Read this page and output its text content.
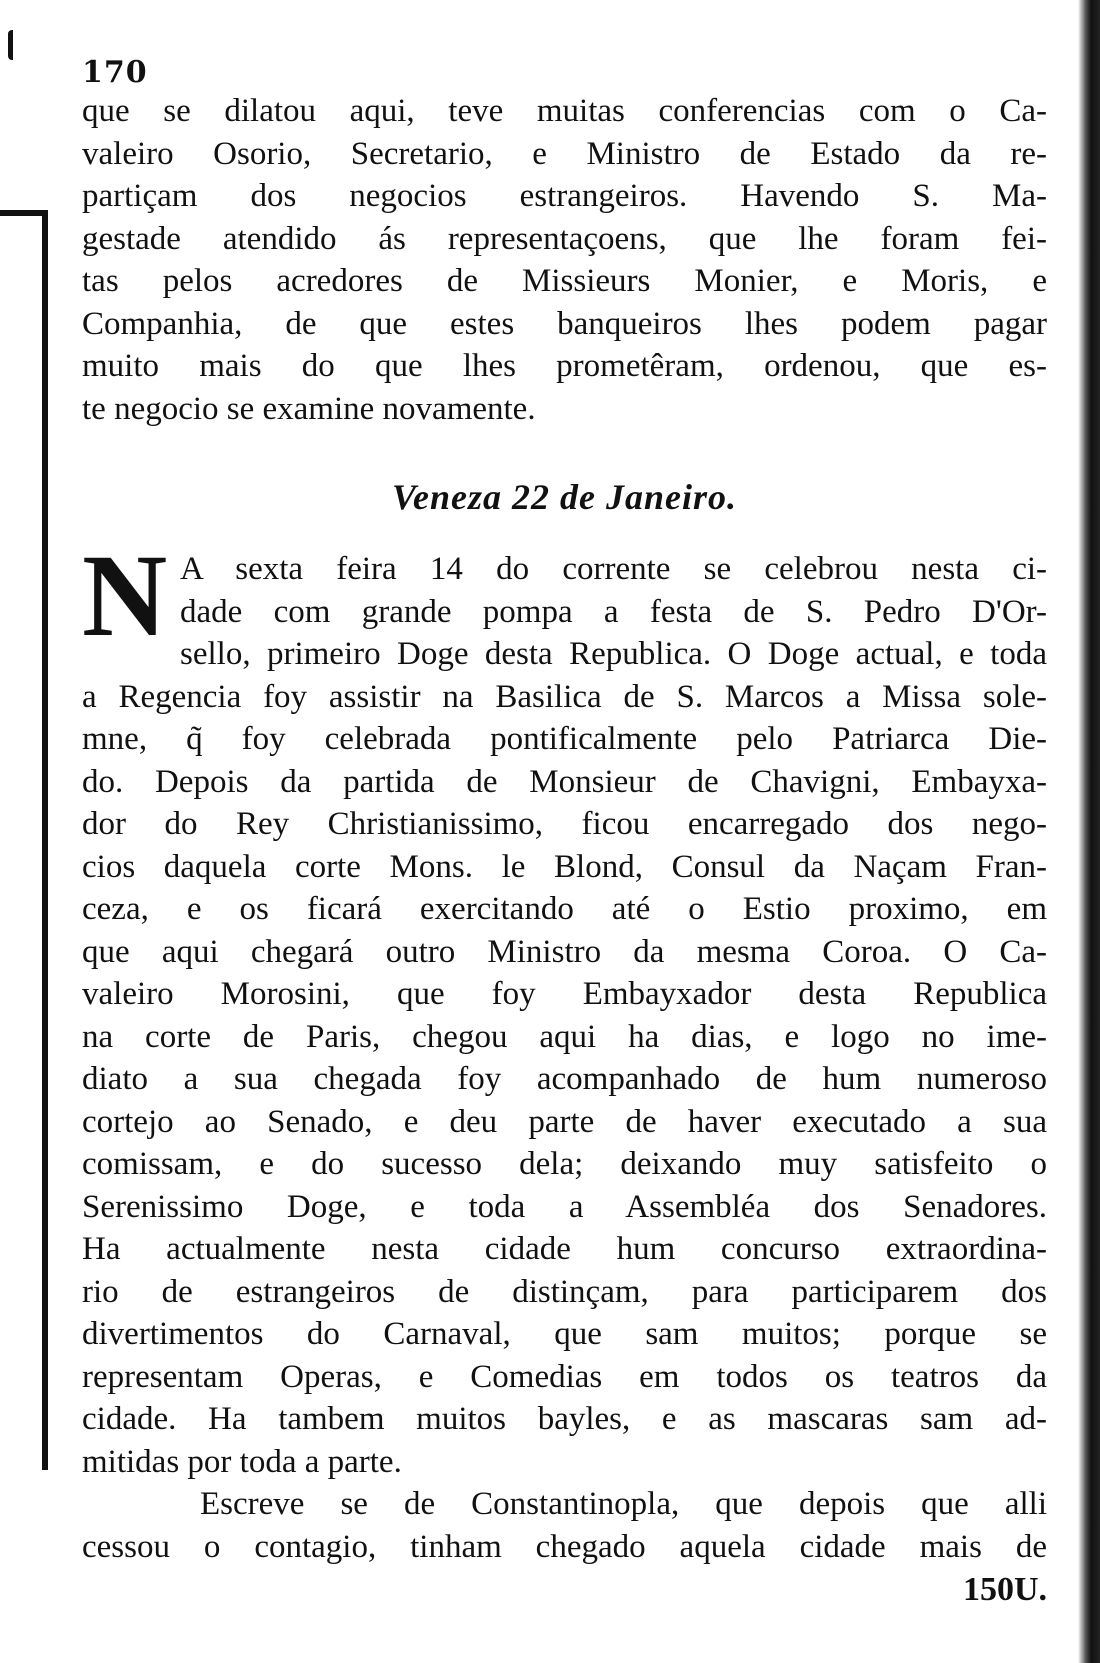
170
que se dilatou aqui, teve muitas conferencias com o Ca-
valeiro Osorio, Secretario, e Ministro de Estado da re-
partiçam dos negocios estrangeiros. Havendo S. Ma-
gestade atendido ás representaçoens, que lhe foram fei-
tas pelos acredores de Missieurs Monier, e Moris, e
Companhia, de que estes banqueiros lhes podem pagar
muito mais do que lhes prometêram, ordenou, que es-
te negocio se examine novamente.
Veneza 22 de Janeiro.
N A sexta feira 14 do corrente se celebrou nesta ci-
dade com grande pompa a festa de S. Pedro D'Or-
sello, primeiro Doge desta Republica. O Doge actual, e toda
a Regencia foy assistir na Basilica de S. Marcos a Missa sole-
mne, q̃ foy celebrada pontificalmente pelo Patriarca Die-
do. Depois da partida de Monsieur de Chavigni, Embayxa-
dor do Rey Christianissimo, ficou encarregado dos nego-
cios daquela corte Mons. le Blond, Consul da Naçam Fran-
ceza, e os ficará exercitando até o Estio proximo, em
que aqui chegará outro Ministro da mesma Coroa. O Ca-
valeiro Morosini, que foy Embayxador desta Republica
na corte de Paris, chegou aqui ha dias, e logo no ime-
diato a sua chegada foy acompanhado de hum numeroso
cortejo ao Senado, e deu parte de haver executado a sua
comissam, e do sucesso dela; deixando muy satisfeito o
Serenissimo Doge, e toda a Assembléa dos Senadores.
Ha actualmente nesta cidade hum concurso extraordina-
rio de estrangeiros de distinçam, para participarem dos
divertimentos do Carnaval, que sam muitos; porque se
representam Operas, e Comedias em todos os teatros da
cidade. Ha tambem muitos bayles, e as mascaras sam ad-
mitidas por toda a parte.
Escreve se de Constantinopla, que depois que alli
cessou o contagio, tinham chegado aquela cidade mais de
150U.
